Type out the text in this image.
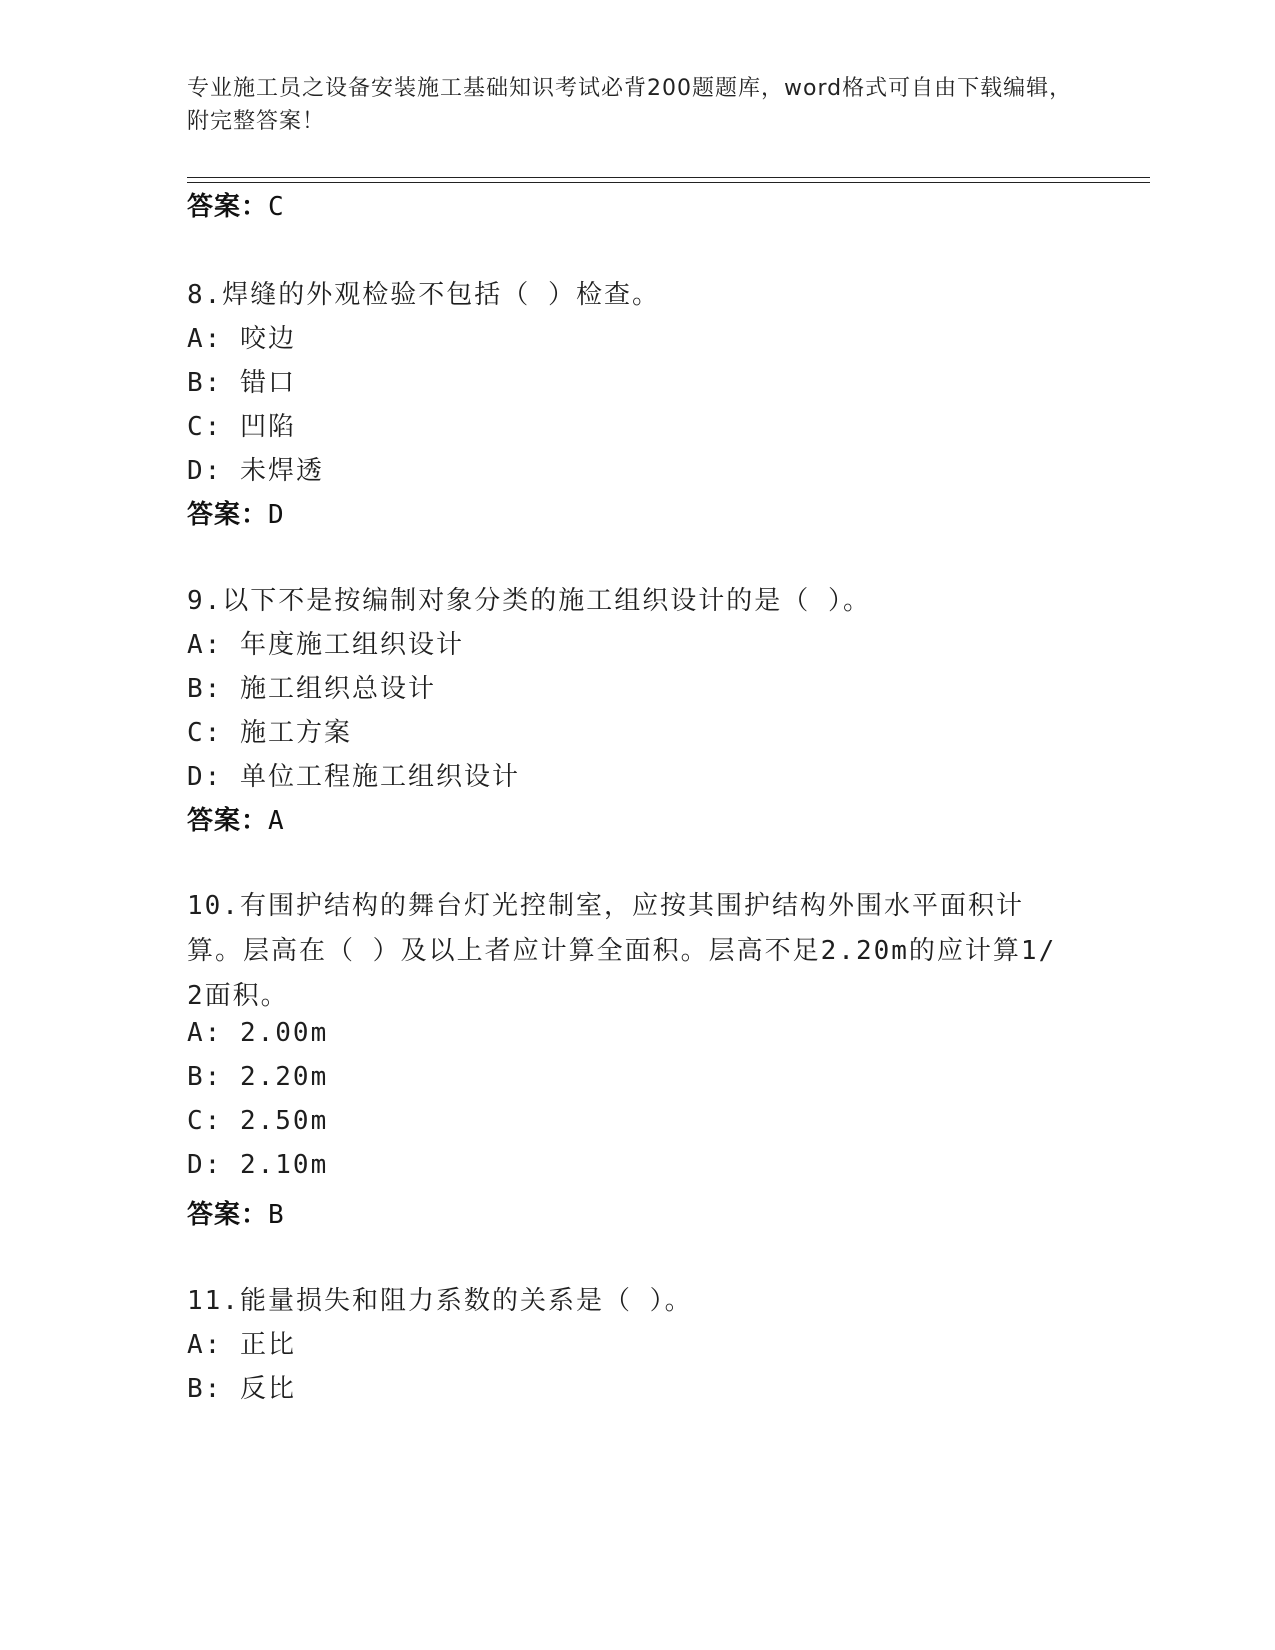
专业施工员之设备安装施工基础知识考试必背200题题库，word格式可自由下载编辑，附完整答案！
答案：C
8.焊缝的外观检验不包括（ ）检查。
A: 咬边
B: 错口
C: 凹陷
D: 未焊透
答案：D
9.以下不是按编制对象分类的施工组织设计的是（ ）。
A: 年度施工组织设计
B: 施工组织总设计
C: 施工方案
D: 单位工程施工组织设计
答案：A
10.有围护结构的舞台灯光控制室，应按其围护结构外围水平面积计算。层高在（ ）及以上者应计算全面积。层高不足2.20m的应计算1/2面积。
A: 2.00m
B: 2.20m
C: 2.50m
D: 2.10m
答案：B
11.能量损失和阻力系数的关系是（ ）。
A: 正比
B: 反比
